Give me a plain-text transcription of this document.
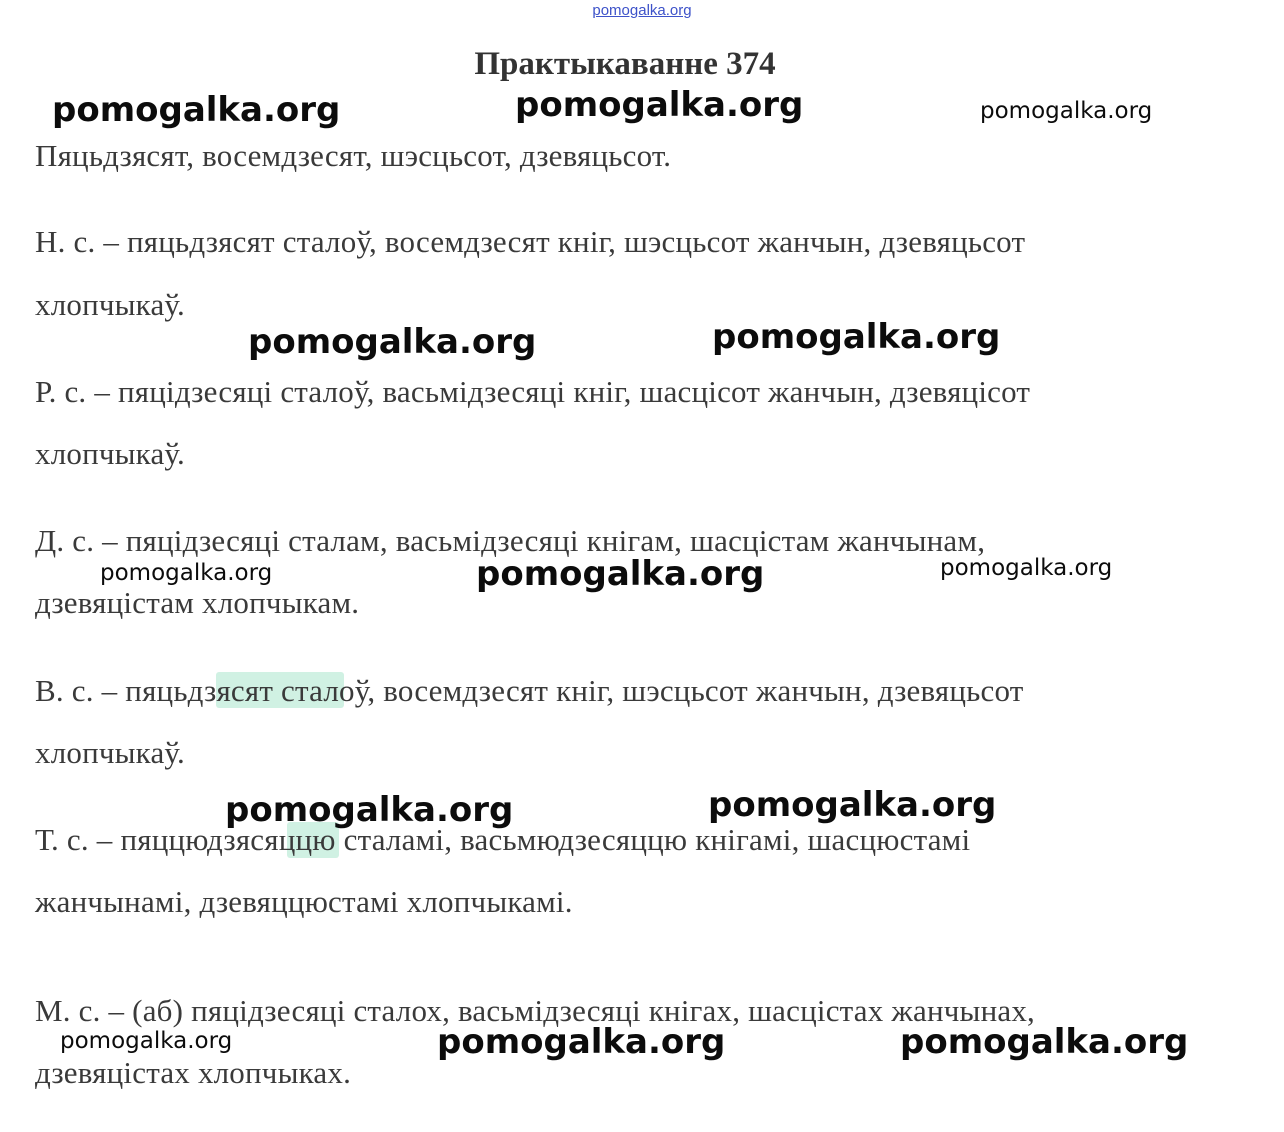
pomogalka.org
Практыкаванне 374
Пяцьдзясят, восемдзесят, шэсцьсот, дзевяцьсот.
Н. с. – пяцьдзясят сталоў, восемдзесят кніг, шэсцьсот жанчын, дзевяцьсот
хлопчыкаў.
Р. с. – пяцідзесяці сталоў, васьмідзесяці кніг, шасцісот жанчын, дзевяцісот
хлопчыкаў.
Д. с. – пяцідзесяці сталам, васьмідзесяці кнігам, шасцістам жанчынам,
дзевяцістам хлопчыкам.
В. с. – пяцьдзясят сталоў, восемдзесят кніг, шэсцьсот жанчын, дзевяцьсот
хлопчыкаў.
Т. с. – пяццюдзясяццю сталамі, васьмюдзесяццю кнігамі, шасцюстамі
жанчынамі, дзевяццюстамі хлопчыкамі.
М. с. – (аб) пяцідзесяці сталох, васьмідзесяці кнігах, шасцістах жанчынах,
дзевяцістах хлопчыках.
pomogalka.org	pomogalka.org	pomogalka.org
pomogalka.org	pomogalka.org
pomogalka.org	pomogalka.org	pomogalka.org
pomogalka.org	pomogalka.org
pomogalka.org	pomogalka.org	pomogalka.org
